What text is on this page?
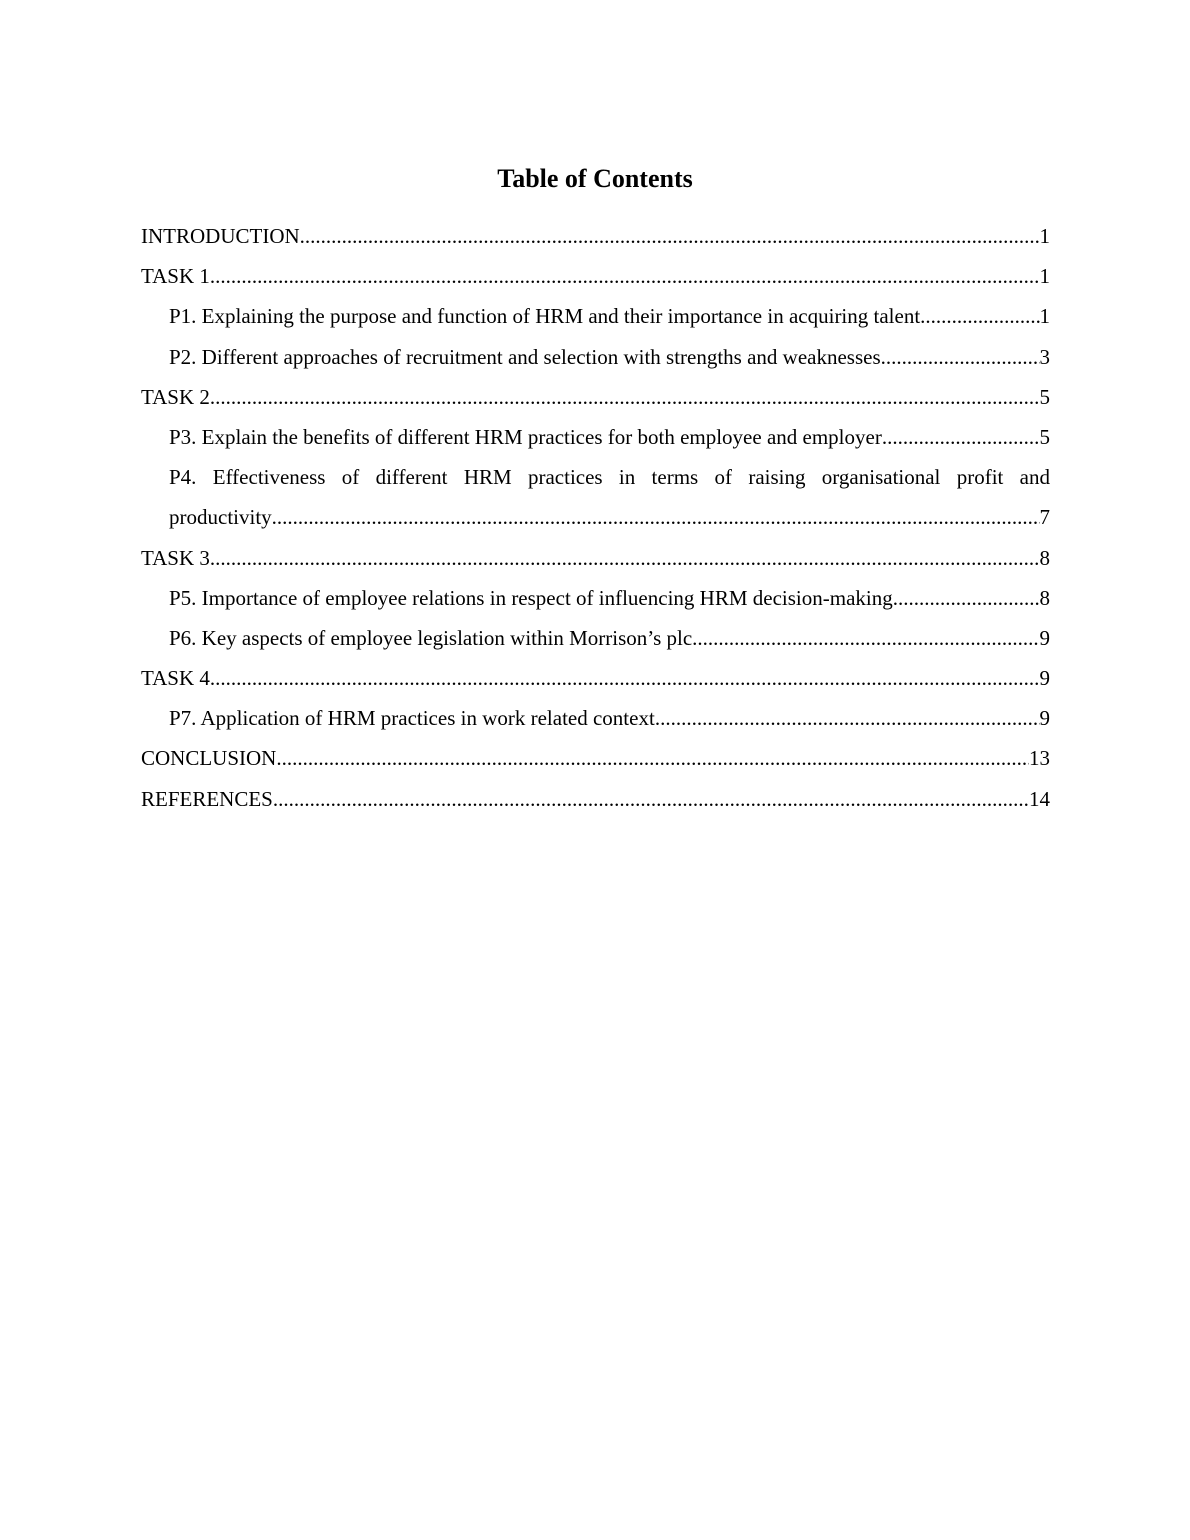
Table of Contents
INTRODUCTION .....	1
TASK 1 .....	1
P1. Explaining the purpose and function of HRM and their importance in acquiring talent .....	1
P2. Different approaches of recruitment and selection with strengths and weaknesses .....	3
TASK 2 .....	5
P3. Explain the benefits of different HRM practices for both employee and employer .....	5
P4. Effectiveness of different HRM practices in terms of raising organisational profit and
productivity .....	7
TASK 3 .....	8
P5. Importance of employee relations in respect of influencing HRM decision-making .....	8
P6. Key aspects of employee legislation within Morrison’s plc .....	9
TASK 4 .....	9
P7. Application of HRM practices in work related context .....	9
CONCLUSION .....	13
REFERENCES .....	14
